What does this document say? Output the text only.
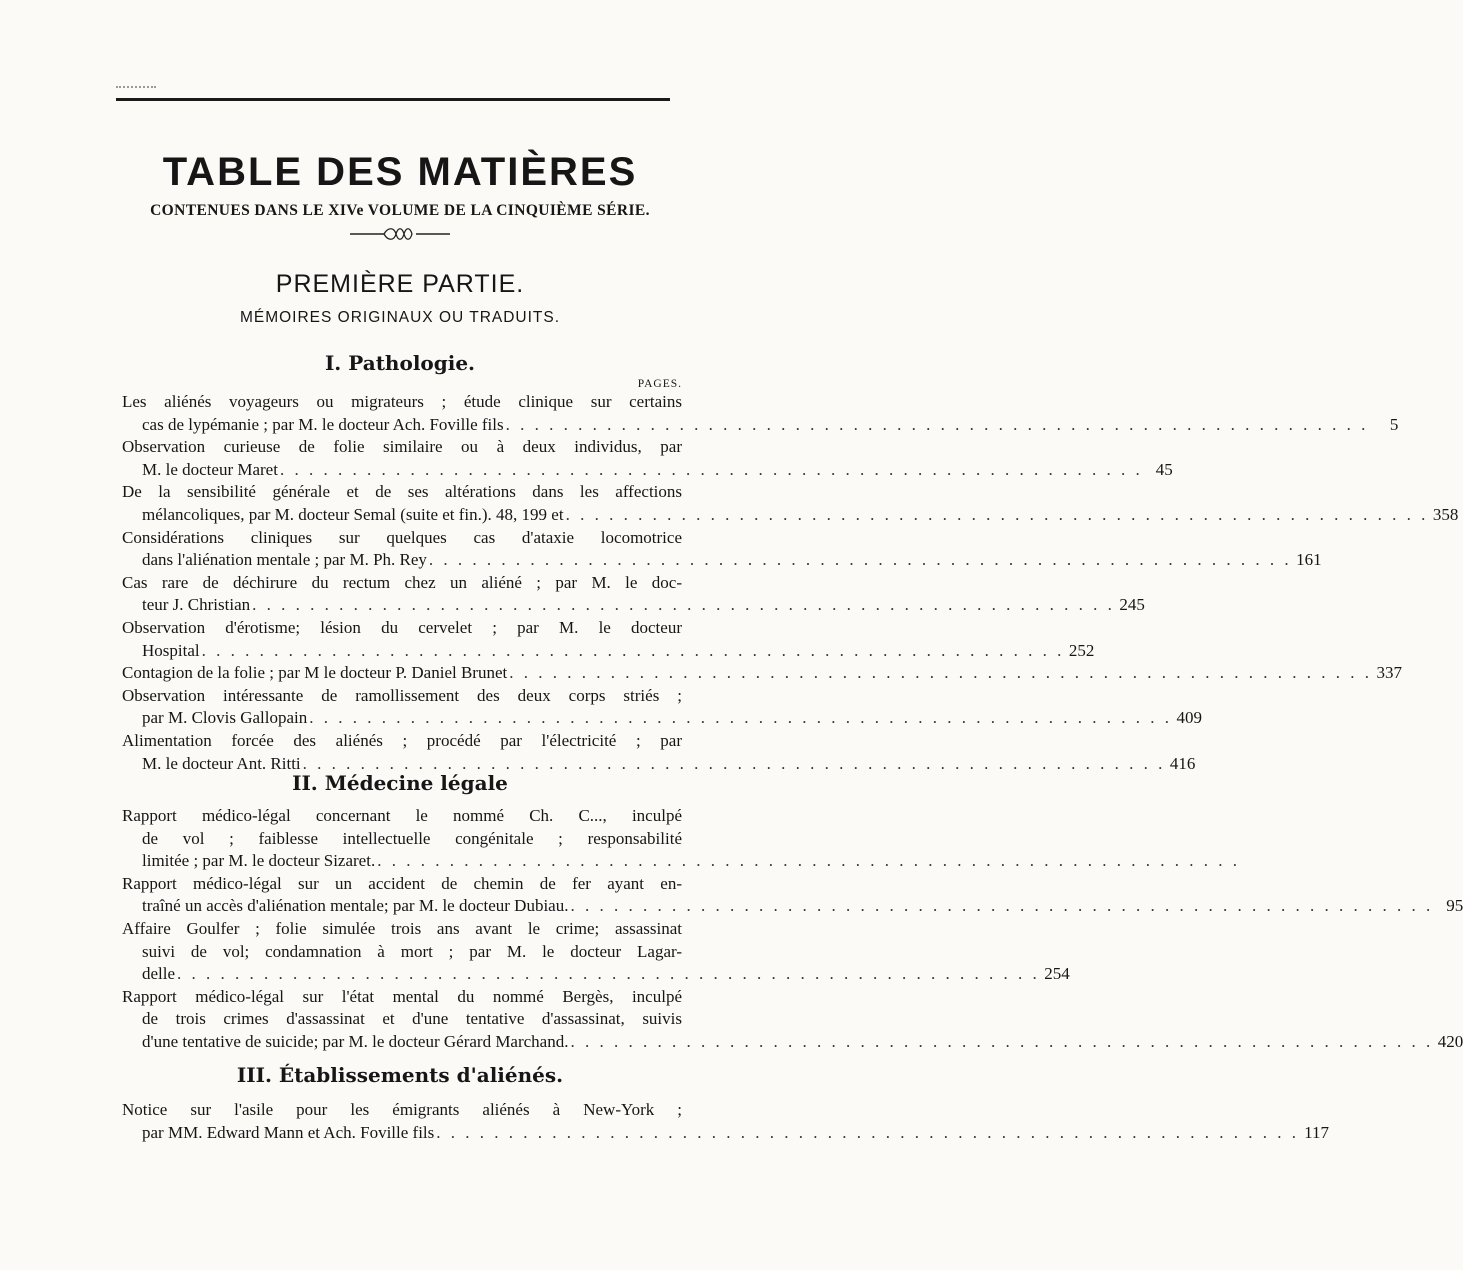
TABLE DES MATIÈRES
CONTENUES DANS LE XIVe VOLUME DE LA CINQUIÈME SÉRIE.
PREMIÈRE PARTIE.
MÉMOIRES ORIGINAUX OU TRADUITS.
I. Pathologie.
PAGES.
Les aliénés voyageurs ou migrateurs ; étude clinique sur certains
cas de lypémanie ; par M. le docteur Ach. Foville fils . . . . . . . . . . . . . . . . . . . . . . . . . . . . . . . . . . . . . . . . . . . . . . . . . . . . . . . . . . . .	5
Observation curieuse de folie similaire ou à deux individus, par
M. le docteur Maret . . . . . . . . . . . . . . . . . . . . . . . . . . . . . . . . . . . . . . . . . . . . . . . . . . . . . . . . . . . . 45
De la sensibilité générale et de ses altérations dans les affections
mélancoliques, par M. docteur Semal (suite et fin.). 48, 199 et . . . . . . . . . . . . . . . . . . . . . . . . . . . . . . . . . . . . . . . . . . . . . . . . . . . . . . . . . . . . 358
Considérations cliniques sur quelques cas d'ataxie locomotrice
dans l'aliénation mentale ; par M. Ph. Rey . . . . . . . . . . . . . . . . . . . . . . . . . . . . . . . . . . . . . . . . . . . . . . . . . . . . . . . . . . . . 161
Cas rare de déchirure du rectum chez un aliéné ; par M. le doc-
teur J. Christian . . . . . . . . . . . . . . . . . . . . . . . . . . . . . . . . . . . . . . . . . . . . . . . . . . . . . . . . . . . . 245
Observation d'érotisme; lésion du cervelet ; par M. le docteur
Hospital . . . . . . . . . . . . . . . . . . . . . . . . . . . . . . . . . . . . . . . . . . . . . . . . . . . . . . . . . . . . 252
Contagion de la folie ; par M le docteur P. Daniel Brunet . . . . . . . . . . . . . . . . . . . . . . . . . . . . . . . . . . . . . . . . . . . . . . . . . . . . . . . . . . . . 337
Observation intéressante de ramollissement des deux corps striés ;
par M. Clovis Gallopain . . . . . . . . . . . . . . . . . . . . . . . . . . . . . . . . . . . . . . . . . . . . . . . . . . . . . . . . . . . . 409
Alimentation forcée des aliénés ; procédé par l'électricité ; par
M. le docteur Ant. Ritti . . . . . . . . . . . . . . . . . . . . . . . . . . . . . . . . . . . . . . . . . . . . . . . . . . . . . . . . . . . . 416
II. Médecine légale
Rapport médico-légal concernant le nommé Ch. C..., inculpé
de vol ; faiblesse intellectuelle congénitale ; responsabilité
limitée ; par M. le docteur Sizaret. . . . . . . . . . . . . . . . . . . . . . . . . . . . . . . . . . . . . . . . . . . . . . . . . . . . . . . . . . . . .
Rapport médico-légal sur un accident de chemin de fer ayant en-
traîné un accès d'aliénation mentale; par M. le docteur Dubiau. . . . . . . . . . . . . . . . . . . . . . . . . . . . . . . . . . . . . . . . . . . . . . . . . . . . . . . . . . . . . 95
Affaire Goulfer ; folie simulée trois ans avant le crime; assassinat
suivi de vol; condamnation à mort ; par M. le docteur Lagar-
delle . . . . . . . . . . . . . . . . . . . . . . . . . . . . . . . . . . . . . . . . . . . . . . . . . . . . . . . . . . . . 254
Rapport médico-légal sur l'état mental du nommé Bergès, inculpé
de trois crimes d'assassinat et d'une tentative d'assassinat, suivis
d'une tentative de suicide; par M. le docteur Gérard Marchand. . . . . . . . . . . . . . . . . . . . . . . . . . . . . . . . . . . . . . . . . . . . . . . . . . . . . . . . . . . . . 420
III. Établissements d'aliénés.
Notice sur l'asile pour les émigrants aliénés à New-York ;
par MM. Edward Mann et Ach. Foville fils . . . . . . . . . . . . . . . . . . . . . . . . . . . . . . . . . . . . . . . . . . . . . . . . . . . . . . . . . . . . 117
